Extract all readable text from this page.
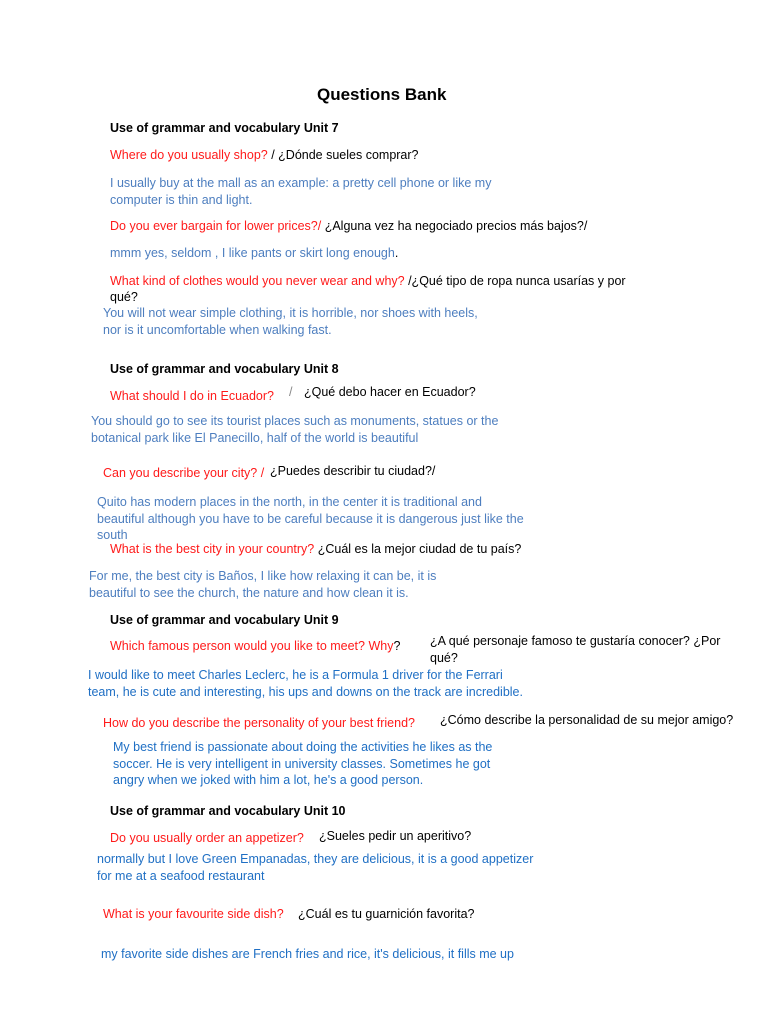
Questions Bank
Use of grammar and vocabulary Unit 7
Where do you usually shop? / ¿Dónde sueles comprar?
I usually buy at the mall as an example: a pretty cell phone or like my
computer is thin and light.
Do you ever bargain for lower prices?/ ¿Alguna vez ha negociado precios más bajos?/
mmm yes, seldom , I like pants or skirt long enough.
What kind of clothes would you never wear and why? /¿Qué tipo de ropa nunca usarías y por
qué?
You will not wear simple clothing, it is horrible, nor shoes with heels,
nor is it uncomfortable when walking fast.
Use of grammar and vocabulary Unit 8
What should I do in Ecuador? / ¿Qué debo hacer en Ecuador?
You should go to see its tourist places such as monuments, statues or the
botanical park like El Panecillo, half of the world is beautiful
Can you describe your city? / ¿Puedes describir tu ciudad?/
Quito has modern places in the north, in the center it is traditional and
beautiful although you have to be careful because it is dangerous just like the
south
What is the best city in your country? ¿Cuál es la mejor ciudad de tu país?
For me, the best city is Baños, I like how relaxing it can be, it is
beautiful to see the church, the nature and how clean it is.
Use of grammar and vocabulary Unit 9
Which famous person would you like to meet? Why? ¿A qué personaje famoso te gustaría conocer? ¿Por
qué?
I would like to meet Charles Leclerc, he is a Formula 1 driver for the Ferrari
team, he is cute and interesting, his ups and downs on the track are incredible.
How do you describe the personality of your best friend? ¿Cómo describe la personalidad de su mejor amigo?
My best friend is passionate about doing the activities he likes as the
soccer. He is very intelligent in university classes. Sometimes he got
angry when we joked with him a lot, he's a good person.
Use of grammar and vocabulary Unit 10
Do you usually order an appetizer? ¿Sueles pedir un aperitivo?
normally but I love Green Empanadas, they are delicious, it is a good appetizer
for me at a seafood restaurant
What is your favourite side dish? ¿Cuál es tu guarnición favorita?
my favorite side dishes are French fries and rice, it's delicious, it fills me up
